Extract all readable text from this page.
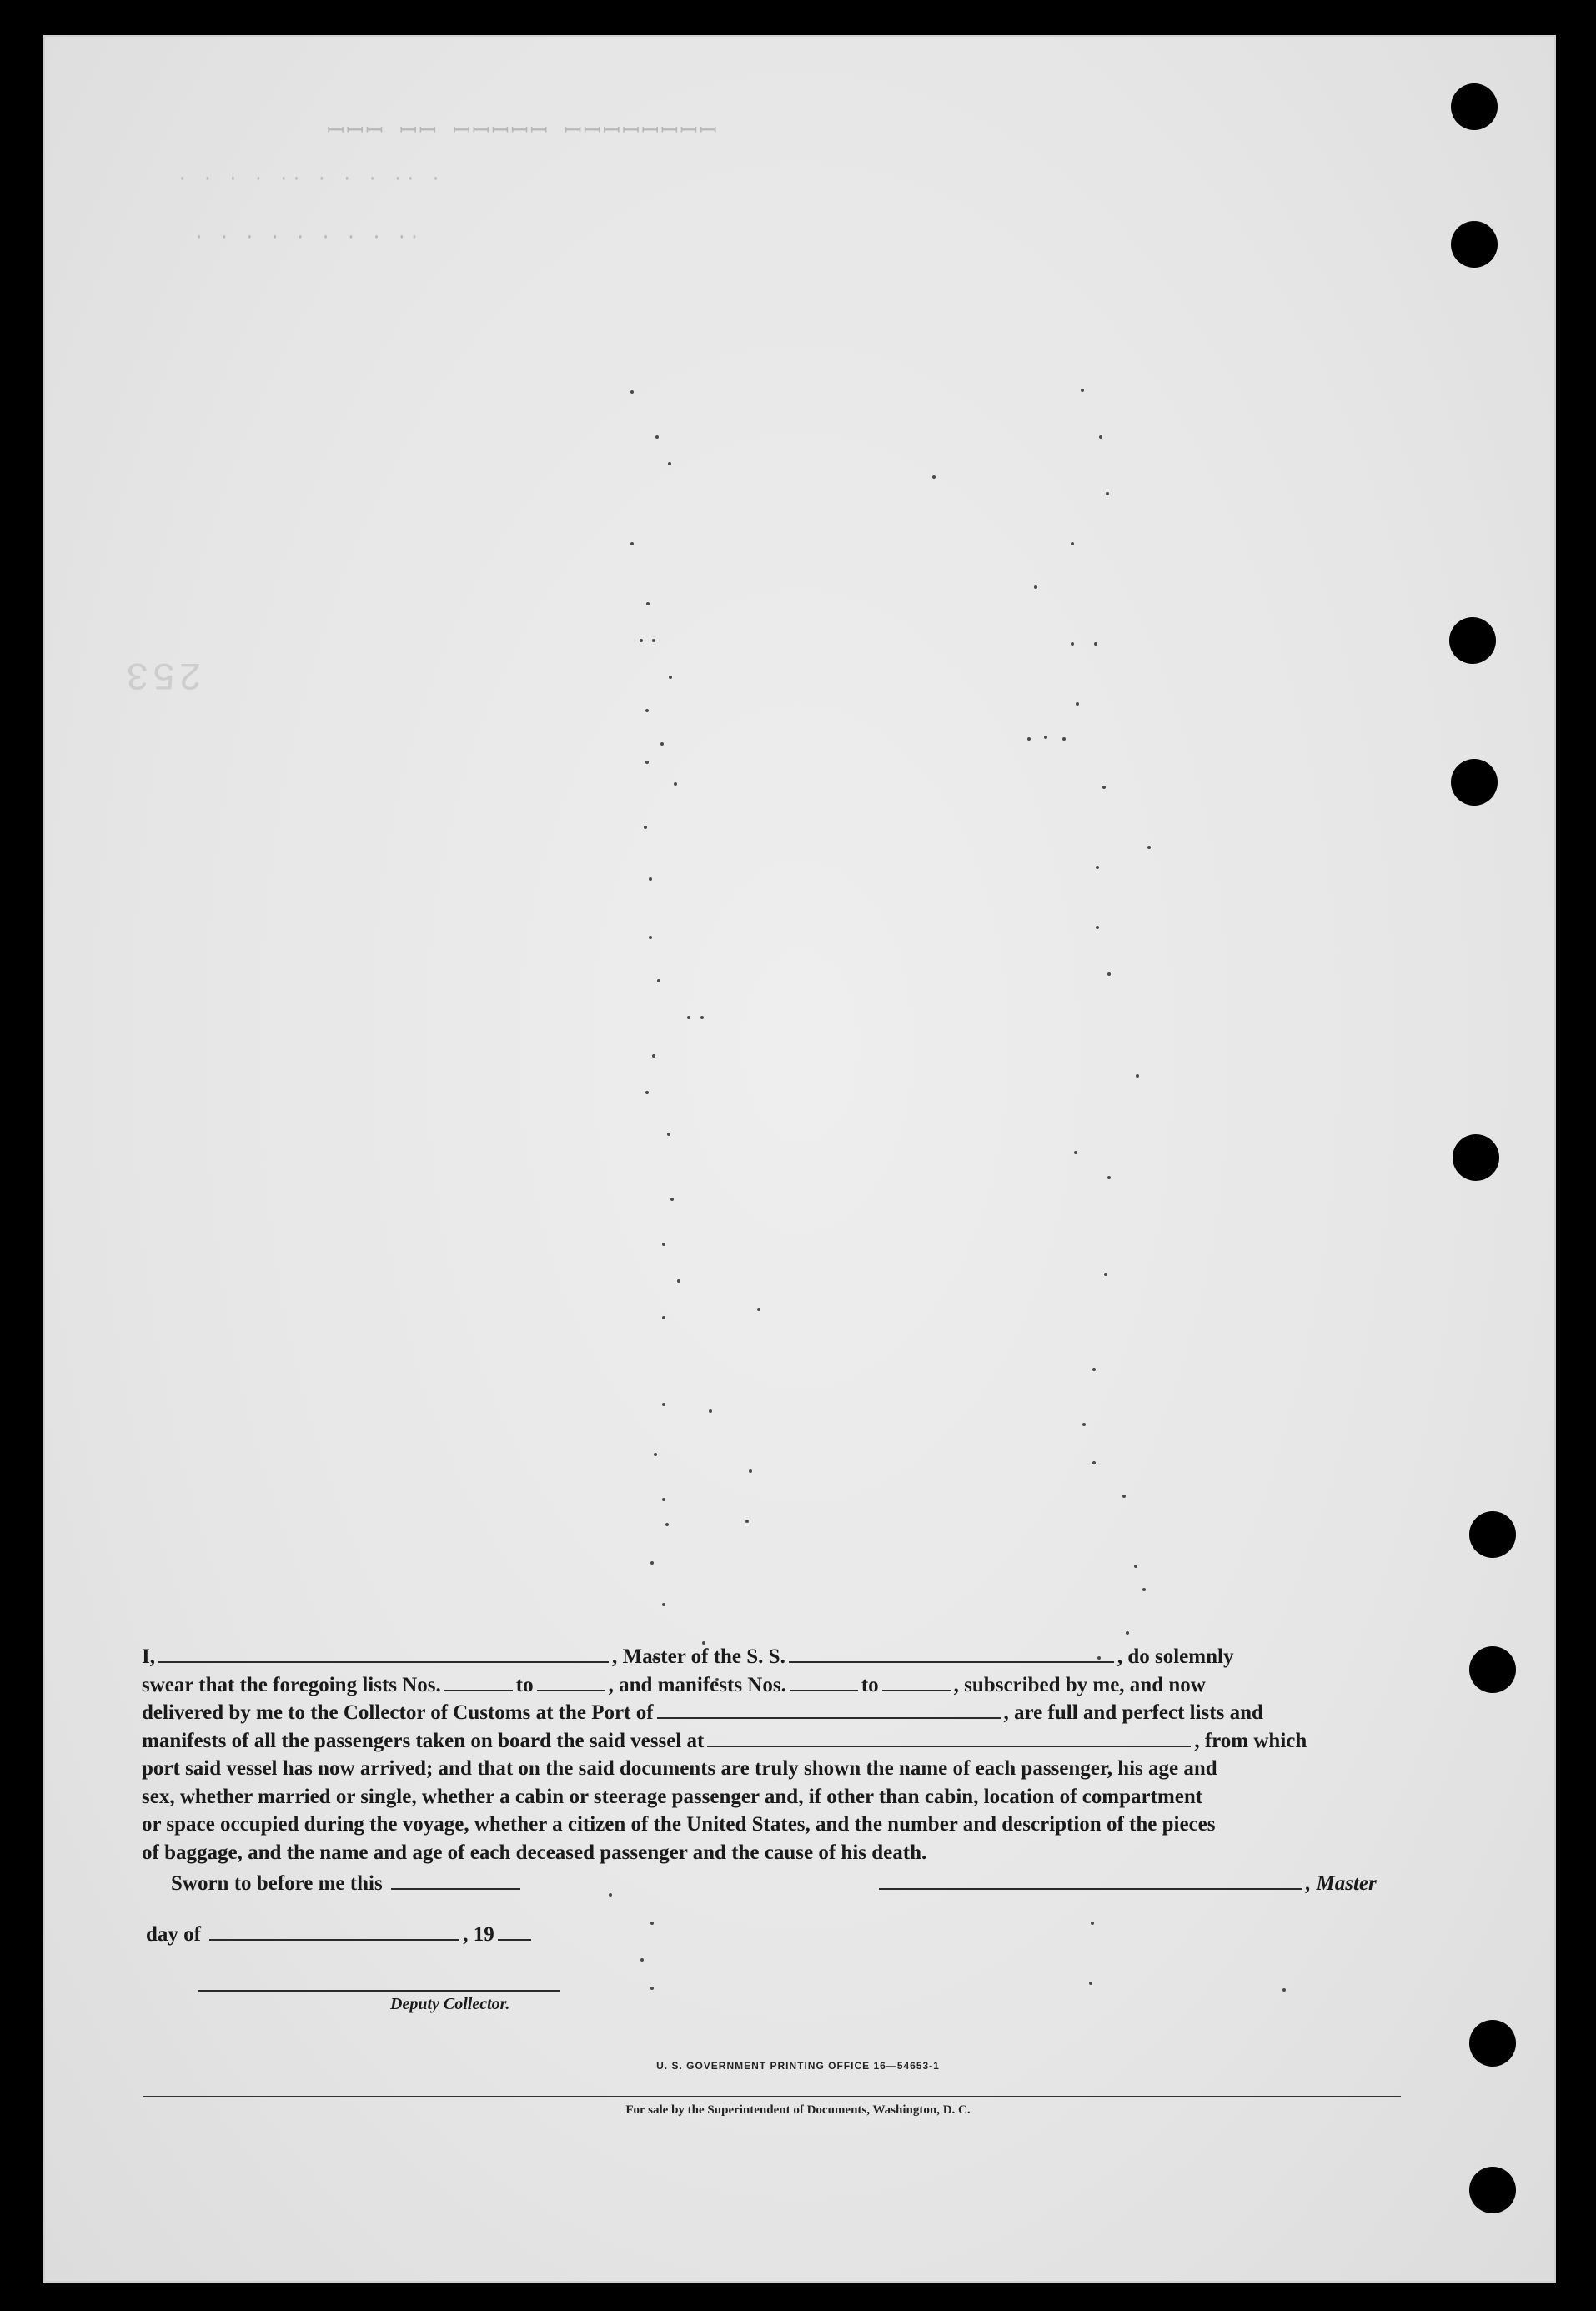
253
ꟷꟷꟷ ꟷꟷ ꟷꟷꟷꟷꟷ ꟷꟷꟷꟷꟷꟷꟷꟷ
· · · · ·· · · · ·· ·
· · · · · · · · ··
I,	, Master of the S. S.	, do solemnly
swear that the foregoing lists Nos.	to	, and manifests Nos.	to	, subscribed by me, and now
delivered by me to the Collector of Customs at the Port of	, are full and perfect lists and
manifests of all the passengers taken on board the said vessel at	, from which
port said vessel has now arrived; and that on the said documents are truly shown the name of each passenger, his age and
sex, whether married or single, whether a cabin or steerage passenger and, if other than cabin, location of compartment
or space occupied during the voyage, whether a citizen of the United States, and the number and description of the pieces
of baggage, and the name and age of each deceased passenger and the cause of his death.
Sworn to before me this	, Master
day of	, 19
Deputy Collector.
U. S. GOVERNMENT PRINTING OFFICE 16—54653-1
For sale by the Superintendent of Documents, Washington, D. C.
